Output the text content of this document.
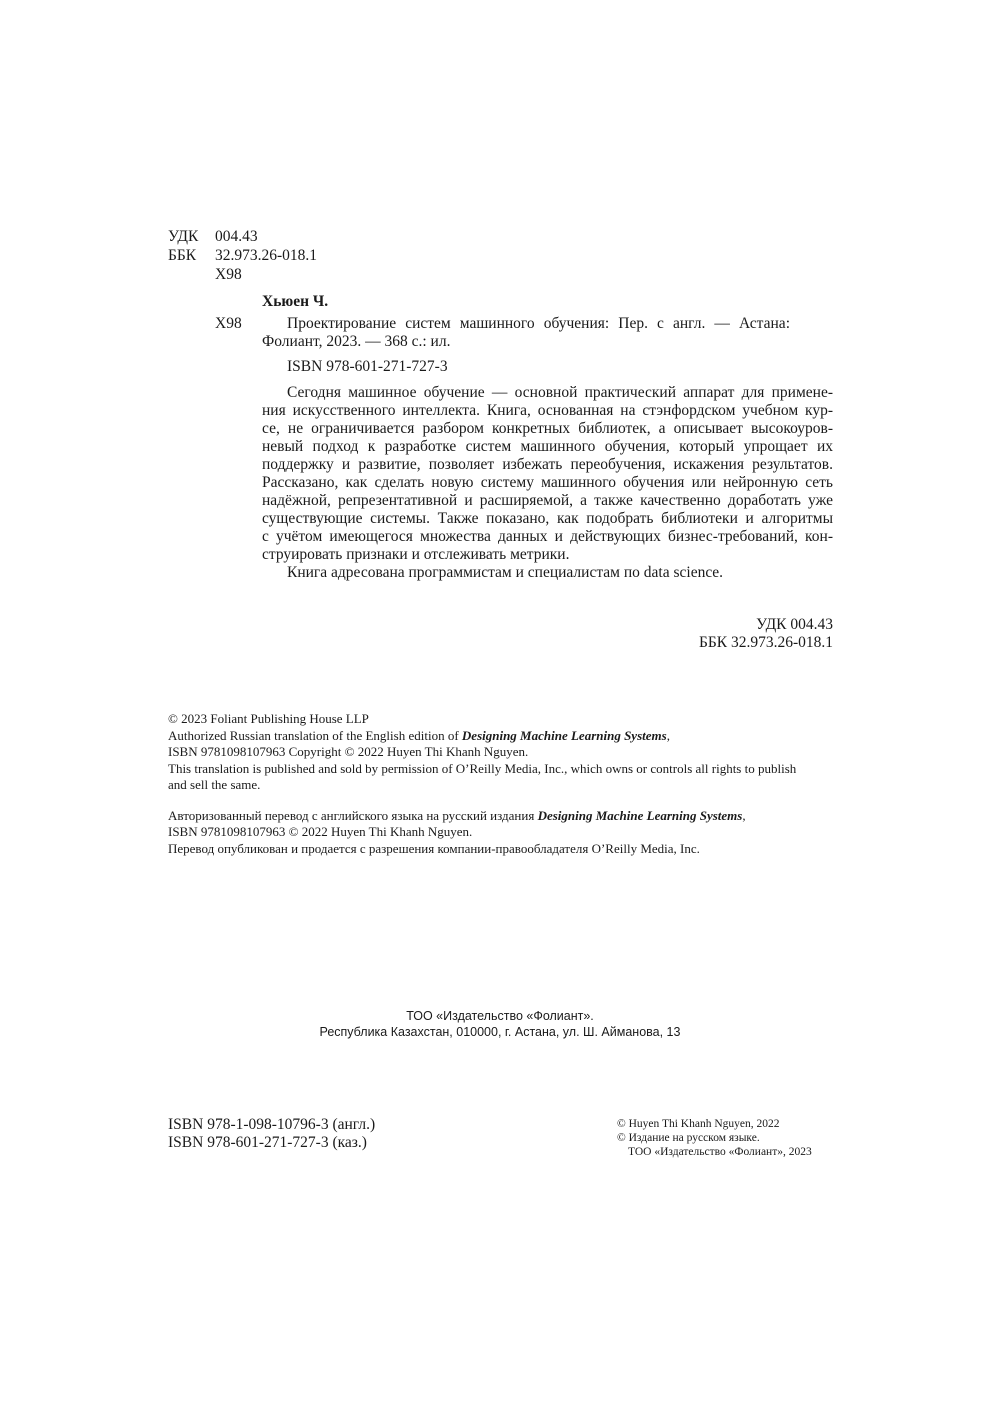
УДК 004.43
ББК 32.973.26-018.1
Х98
Хьюен Ч.
Х98	Проектирование систем машинного обучения: Пер. с англ. — Астана:
Фолиант, 2023. — 368 с.: ил.
ISBN 978-601-271-727-3
Сегодня машинное обучение — основной практический аппарат для примене-
ния искусственного интеллекта. Книга, основанная на стэнфордском учебном кур-
се, не ограничивается разбором конкретных библиотек, а описывает высокоуров-
невый подход к разработке систем машинного обучения, который упрощает их
поддержку и развитие, позволяет избежать переобучения, искажения результатов.
Рассказано, как сделать новую систему машинного обучения или нейронную сеть
надёжной, репрезентативной и расширяемой, а также качественно доработать уже
существующие системы. Также показано, как подобрать библиотеки и алгоритмы
с учётом имеющегося множества данных и действующих бизнес-требований, кон-
струировать признаки и отслеживать метрики.
Книга адресована программистам и специалистам по data science.
УДК 004.43
ББК 32.973.26-018.1
© 2023 Foliant Publishing House LLP
Authorized Russian translation of the English edition of Designing Machine Learning Systems,
ISBN 9781098107963 Copyright © 2022 Huyen Thi Khanh Nguyen.
This translation is published and sold by permission of O’Reilly Media, Inc., which owns or controls all rights to publish
and sell the same.
Авторизованный перевод с английского языка на русский издания Designing Machine Learning Systems,
ISBN 9781098107963 © 2022 Huyen Thi Khanh Nguyen.
Перевод опубликован и продается с разрешения компании-правообладателя O’Reilly Media, Inc.
ТОО «Издательство «Фолиант».
Республика Казахстан, 010000, г. Астана, ул. Ш. Айманова, 13
ISBN 978-1-098-10796-3 (англ.)
ISBN 978-601-271-727-3 (каз.)
© Huyen Thi Khanh Nguyen, 2022
© Издание на русском языке.
ТОО «Издательство «Фолиант», 2023
